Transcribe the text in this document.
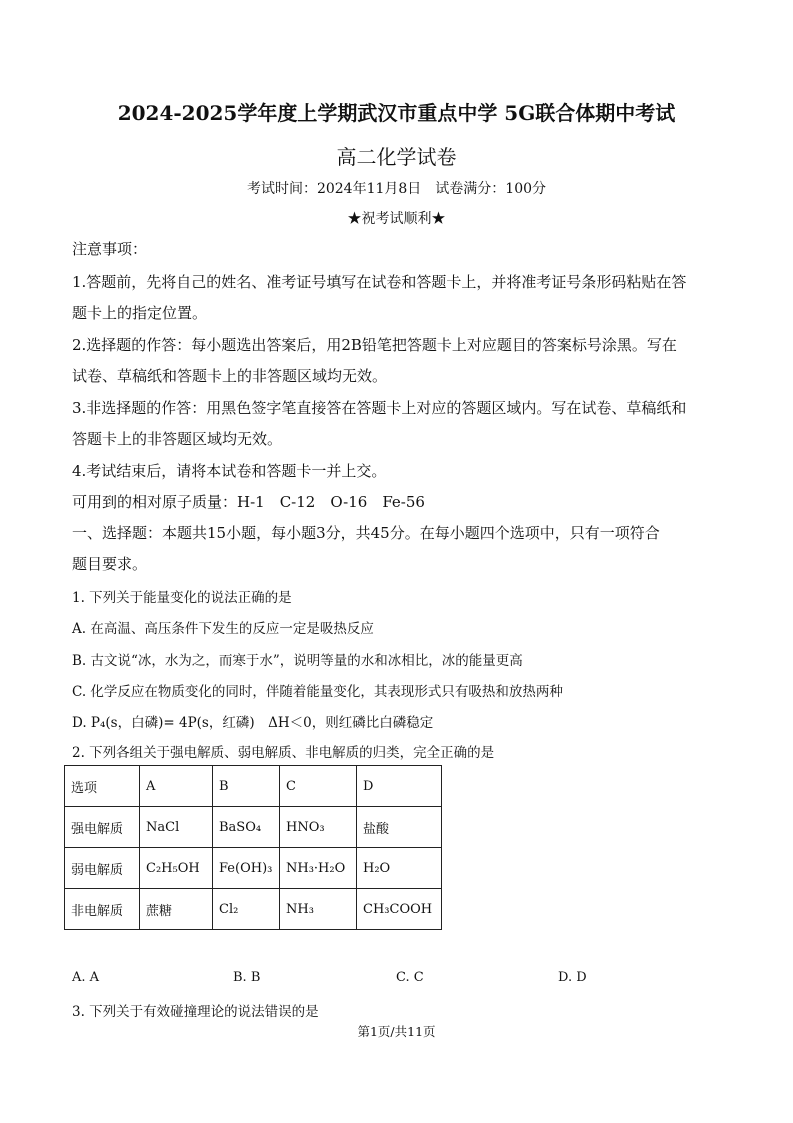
2024-2025学年度上学期武汉市重点中学 5G联合体期中考试
高二化学试卷
考试时间：2024年11月8日　试卷满分：100分
★祝考试顺利★
注意事项：
1.答题前，先将自己的姓名、准考证号填写在试卷和答题卡上，并将准考证号条形码粘贴在答
题卡上的指定位置。
2.选择题的作答：每小题选出答案后，用2B铅笔把答题卡上对应题目的答案标号涂黑。写在
试卷、草稿纸和答题卡上的非答题区域均无效。
3.非选择题的作答：用黑色签字笔直接答在答题卡上对应的答题区域内。写在试卷、草稿纸和
答题卡上的非答题区域均无效。
4.考试结束后，请将本试卷和答题卡一并上交。
可用到的相对原子质量：H-1　C-12　O-16　Fe-56
一、选择题：本题共15小题，每小题3分，共45分。在每小题四个选项中，只有一项符合
题目要求。
1. 下列关于能量变化的说法正确的是
A. 在高温、高压条件下发生的反应一定是吸热反应
B. 古文说“冰，水为之，而寒于水”，说明等量的水和冰相比，冰的能量更高
C. 化学反应在物质变化的同时，伴随着能量变化，其表现形式只有吸热和放热两种
D. P₄(s，白磷)= 4P(s，红磷)　ΔH＜0，则红磷比白磷稳定
2. 下列各组关于强电解质、弱电解质、非电解质的归类，完全正确的是
选项	A	B	C	D
强电解质	NaCl	BaSO₄	HNO₃	盐酸
弱电解质	C₂H₅OH	Fe(OH)₃	NH₃·H₂O	H₂O
非电解质	蔗糖	Cl₂	NH₃	CH₃COOH
A. A	B. B	C. C	D. D
3. 下列关于有效碰撞理论的说法错误的是
第1页/共11页
